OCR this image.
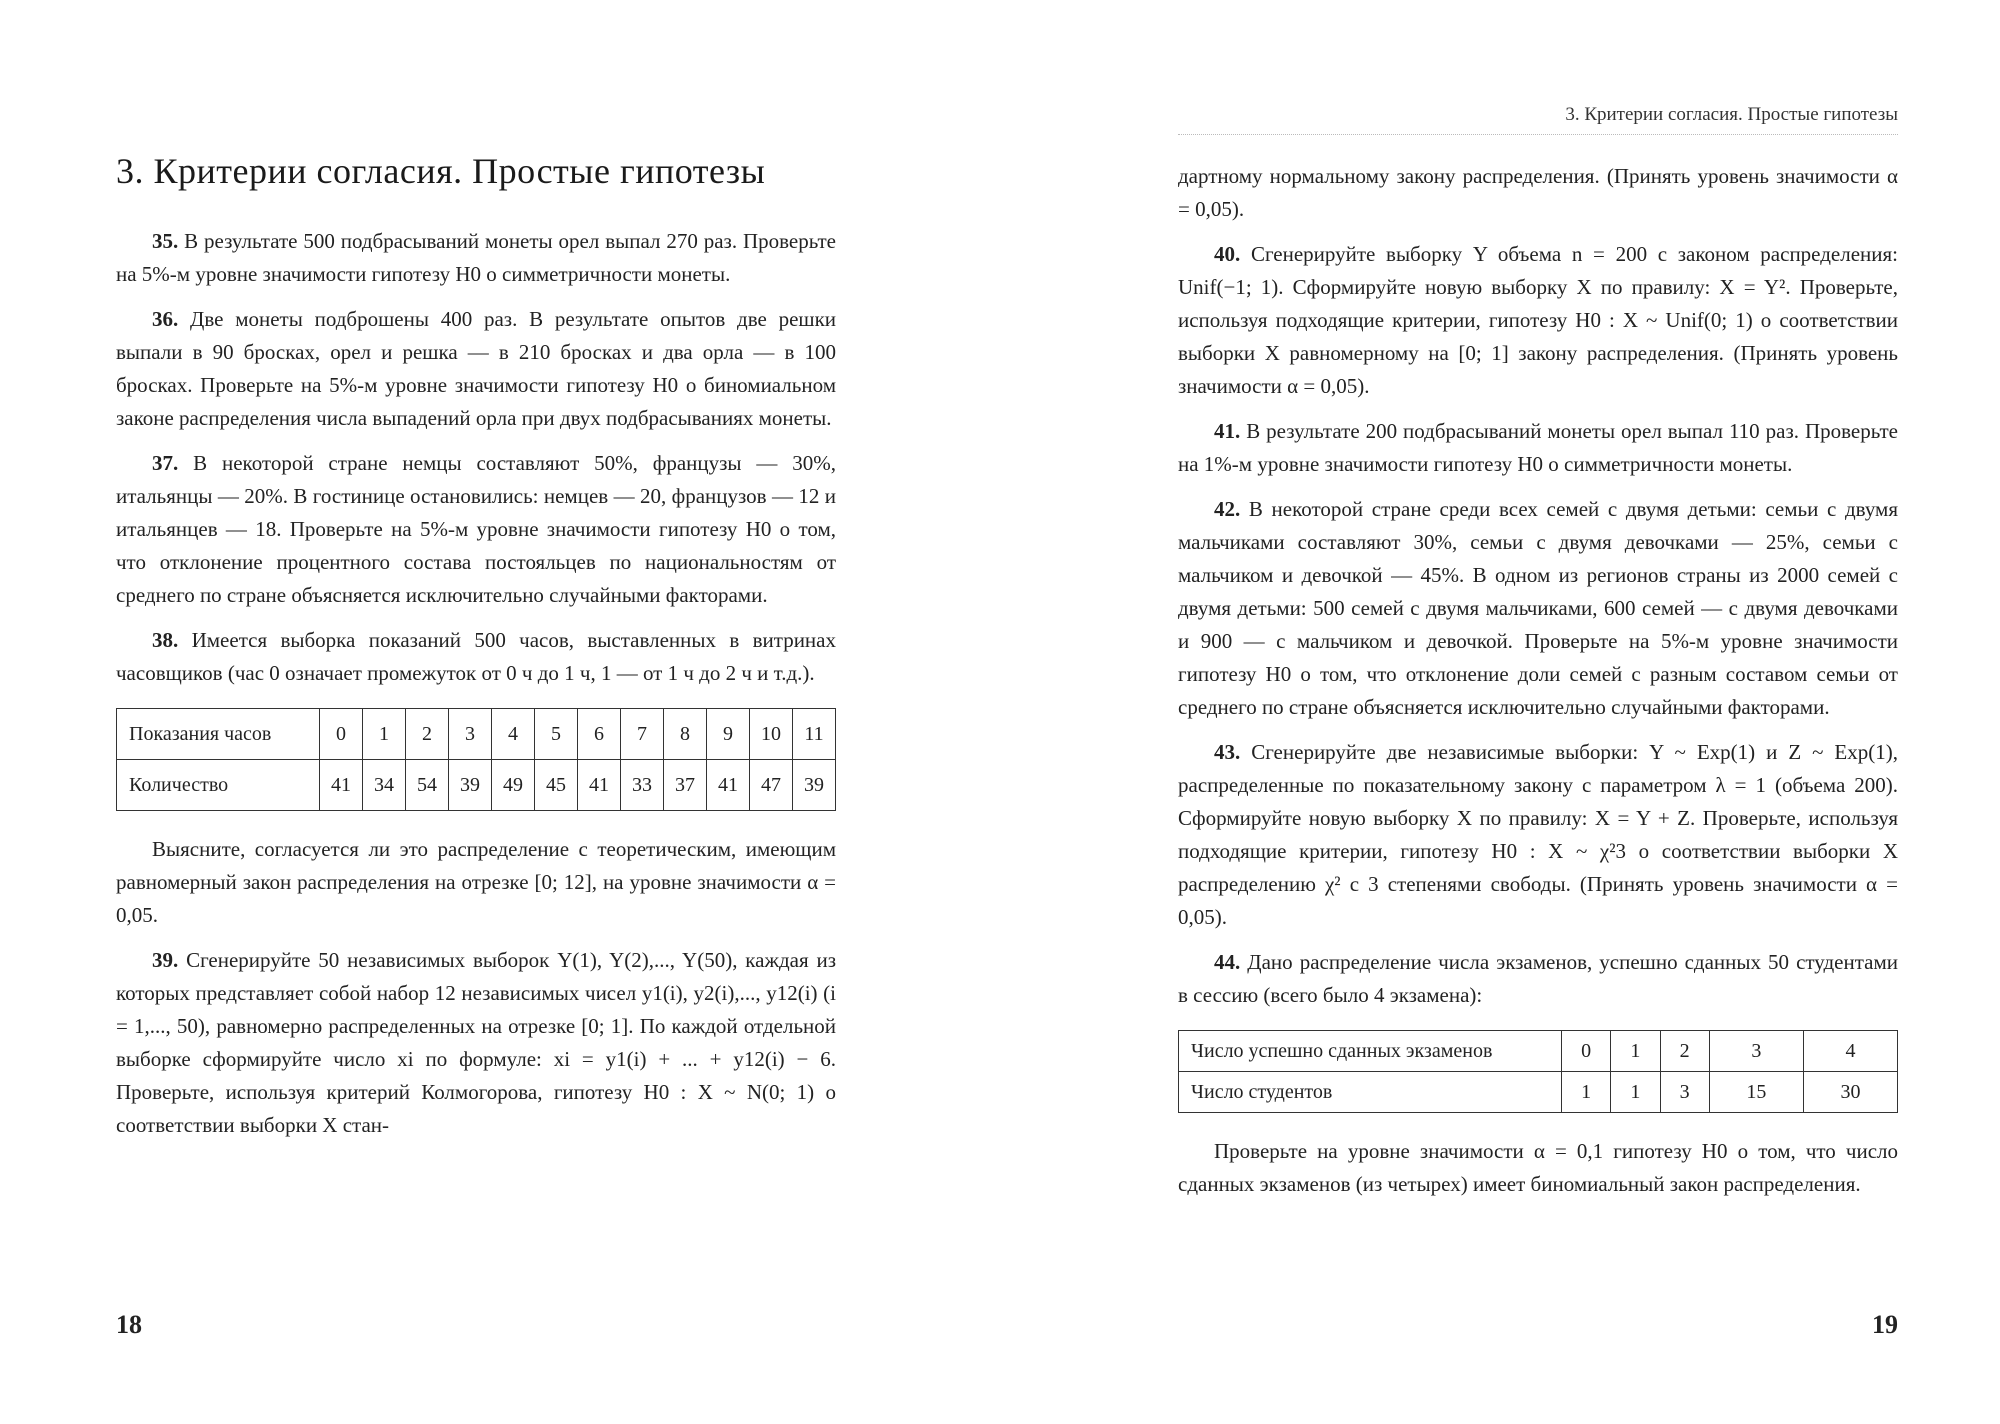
3. Критерии согласия. Простые гипотезы

35. В результате 500 подбрасываний монеты орел выпал 270 раз. Проверьте на 5%-м уровне значимости гипотезу H0 о симметричности монеты.

36. Две монеты подброшены 400 раз. В результате опытов две решки выпали в 90 бросках, орел и решка — в 210 бросках и два орла — в 100 бросках. Проверьте на 5%-м уровне значимости гипотезу H0 о биномиальном законе распределения числа выпадений орла при двух подбрасываниях монеты.

37. В некоторой стране немцы составляют 50%, французы — 30%, итальянцы — 20%. В гостинице остановились: немцев — 20, французов — 12 и итальянцев — 18. Проверьте на 5%-м уровне значимости гипотезу H0 о том, что отклонение процентного состава постояльцев по национальностям от среднего по стране объясняется исключительно случайными факторами.

38. Имеется выборка показаний 500 часов, выставленных в витринах часовщиков (час 0 означает промежуток от 0 ч до 1 ч, 1 — от 1 ч до 2 ч и т.д.).

Показания часов	0	1	2	3	4	5	6	7	8	9	10	11
Количество	41	34	54	39	49	45	41	33	37	41	47	39

Выясните, согласуется ли это распределение с теоретическим, имеющим равномерный закон распределения на отрезке [0; 12], на уровне значимости α = 0,05.

39. Сгенерируйте 50 независимых выборок Y(1), Y(2),..., Y(50), каждая из которых представляет собой набор 12 независимых чисел y1(i), y2(i),..., y12(i) (i = 1,..., 50), равномерно распределенных на отрезке [0; 1]. По каждой отдельной выборке сформируйте число xi по формуле: xi = y1(i) + ... + y12(i) − 6. Проверьте, используя критерий Колмогорова, гипотезу H0 : X ~ N(0; 1) о соответствии выборки X стан-

18
3. Критерии согласия. Простые гипотезы

дартному нормальному закону распределения. (Принять уровень значимости α = 0,05).

40. Сгенерируйте выборку Y объема n = 200 с законом распределения: Unif(−1; 1). Сформируйте новую выборку X по правилу: X = Y². Проверьте, используя подходящие критерии, гипотезу H0 : X ~ Unif(0; 1) о соответствии выборки X равномерному на [0; 1] закону распределения. (Принять уровень значимости α = 0,05).

41. В результате 200 подбрасываний монеты орел выпал 110 раз. Проверьте на 1%-м уровне значимости гипотезу H0 о симметричности монеты.

42. В некоторой стране среди всех семей с двумя детьми: семьи с двумя мальчиками составляют 30%, семьи с двумя девочками — 25%, семьи с мальчиком и девочкой — 45%. В одном из регионов страны из 2000 семей с двумя детьми: 500 семей с двумя мальчиками, 600 семей — с двумя девочками и 900 — с мальчиком и девочкой. Проверьте на 5%-м уровне значимости гипотезу H0 о том, что отклонение доли семей с разным составом семьи от среднего по стране объясняется исключительно случайными факторами.

43. Сгенерируйте две независимые выборки: Y ~ Exp(1) и Z ~ Exp(1), распределенные по показательному закону с параметром λ = 1 (объема 200). Сформируйте новую выборку X по правилу: X = Y + Z. Проверьте, используя подходящие критерии, гипотезу H0 : X ~ χ²3 о соответствии выборки X распределению χ² с 3 степенями свободы. (Принять уровень значимости α = 0,05).

44. Дано распределение числа экзаменов, успешно сданных 50 студентами в сессию (всего было 4 экзамена):

Число успешно сданных экзаменов	0	1	2	3	4
Число студентов	1	1	3	15	30

Проверьте на уровне значимости α = 0,1 гипотезу H0 о том, что число сданных экзаменов (из четырех) имеет биномиальный закон распределения.

19
